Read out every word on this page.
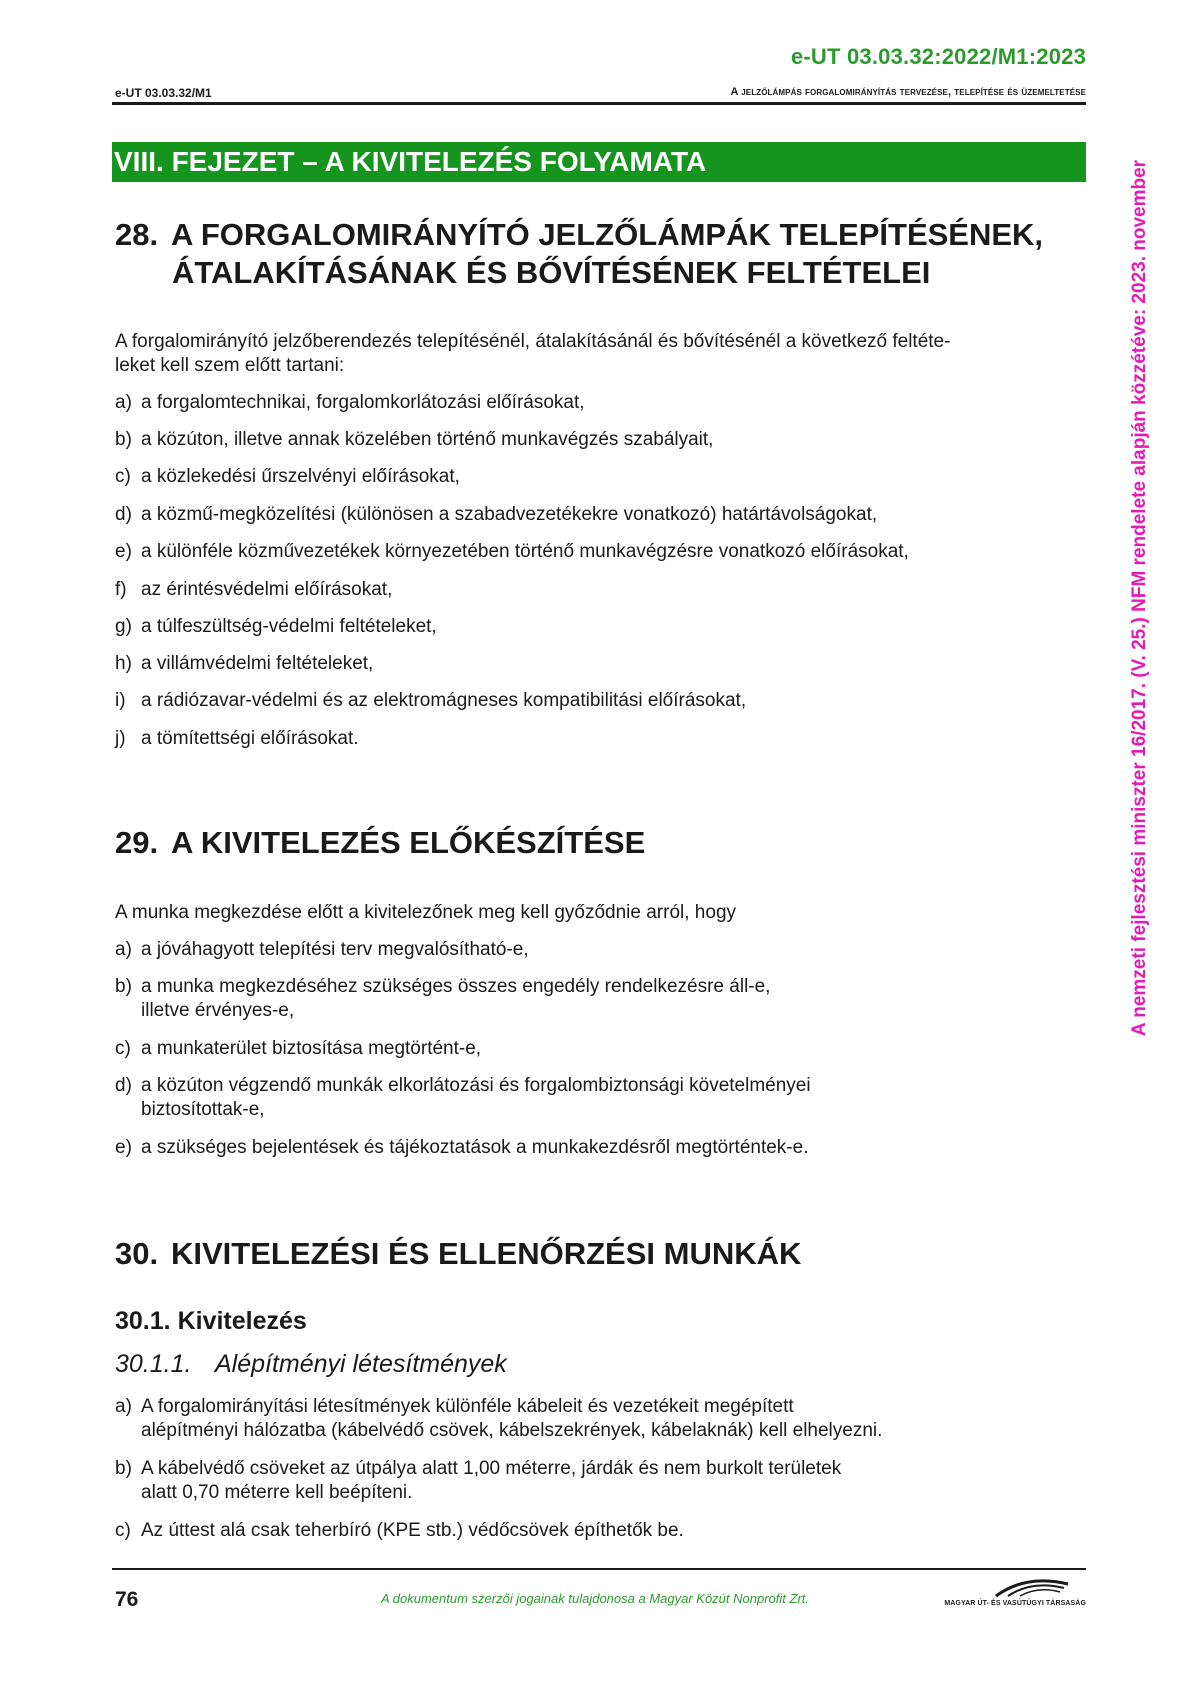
e-UT 03.03.32:2022/M1:2023
e-UT 03.03.32/M1	A jelzőlámpás forgalomirányítás tervezése, telepítése és üzemeltetése
VIII. FEJEZET – A KIVITELEZÉS FOLYAMATA
28. A FORGALOMIRÁNYÍTÓ JELZŐLÁMPÁK TELEPÍTÉSÉNEK,
ÁTALAKÍTÁSÁNAK ÉS BŐVÍTÉSÉNEK FELTÉTELEI
A forgalomirányító jelzőberendezés telepítésénél, átalakításánál és bővítésénél a következő feltéte-
leket kell szem előtt tartani:
a) a forgalomtechnikai, forgalomkorlátozási előírásokat,
b) a közúton, illetve annak közelében történő munkavégzés szabályait,
c) a közlekedési űrszelvényi előírásokat,
d) a közmű-megközelítési (különösen a szabadvezetékekre vonatkozó) határtávolságokat,
e) a különféle közművezetékek környezetében történő munkavégzésre vonatkozó előírásokat,
f) az érintésvédelmi előírásokat,
g) a túlfeszültség-védelmi feltételeket,
h) a villámvédelmi feltételeket,
i) a rádiózavar-védelmi és az elektromágneses kompatibilitási előírásokat,
j) a tömítettségi előírásokat.
29. A KIVITELEZÉS ELŐKÉSZÍTÉSE
A munka megkezdése előtt a kivitelezőnek meg kell győződnie arról, hogy
a) a jóváhagyott telepítési terv megvalósítható-e,
b) a munka megkezdéséhez szükséges összes engedély rendelkezésre áll-e,
illetve érvényes-e,
c) a munkaterület biztosítása megtörtént-e,
d) a közúton végzendő munkák elkorlátozási és forgalombiztonsági követelményei
biztosítottak-e,
e) a szükséges bejelentések és tájékoztatások a munkakezdésről megtörténtek-e.
30. KIVITELEZÉSI ÉS ELLENŐRZÉSI MUNKÁK
30.1. Kivitelezés
30.1.1. Alépítményi létesítmények
a) A forgalomirányítási létesítmények különféle kábeleit és vezetékeit megépített
alépítményi hálózatba (kábelvédő csövek, kábelszekrények, kábelaknák) kell elhelyezni.
b) A kábelvédő csöveket az útpálya alatt 1,00 méterre, járdák és nem burkolt területek
alatt 0,70 méterre kell beépíteni.
c) Az úttest alá csak teherbíró (KPE stb.) védőcsövek építhetők be.
76	A dokumentum szerzői jogainak tulajdonosa a Magyar Közút Nonprofit Zrt.	MAGYAR ÚT- ÉS VASÚTÜGYI TÁRSASÁG
A nemzeti fejlesztési miniszter 16/2017. (V. 25.) NFM rendelete alapján közzétéve: 2023. november
